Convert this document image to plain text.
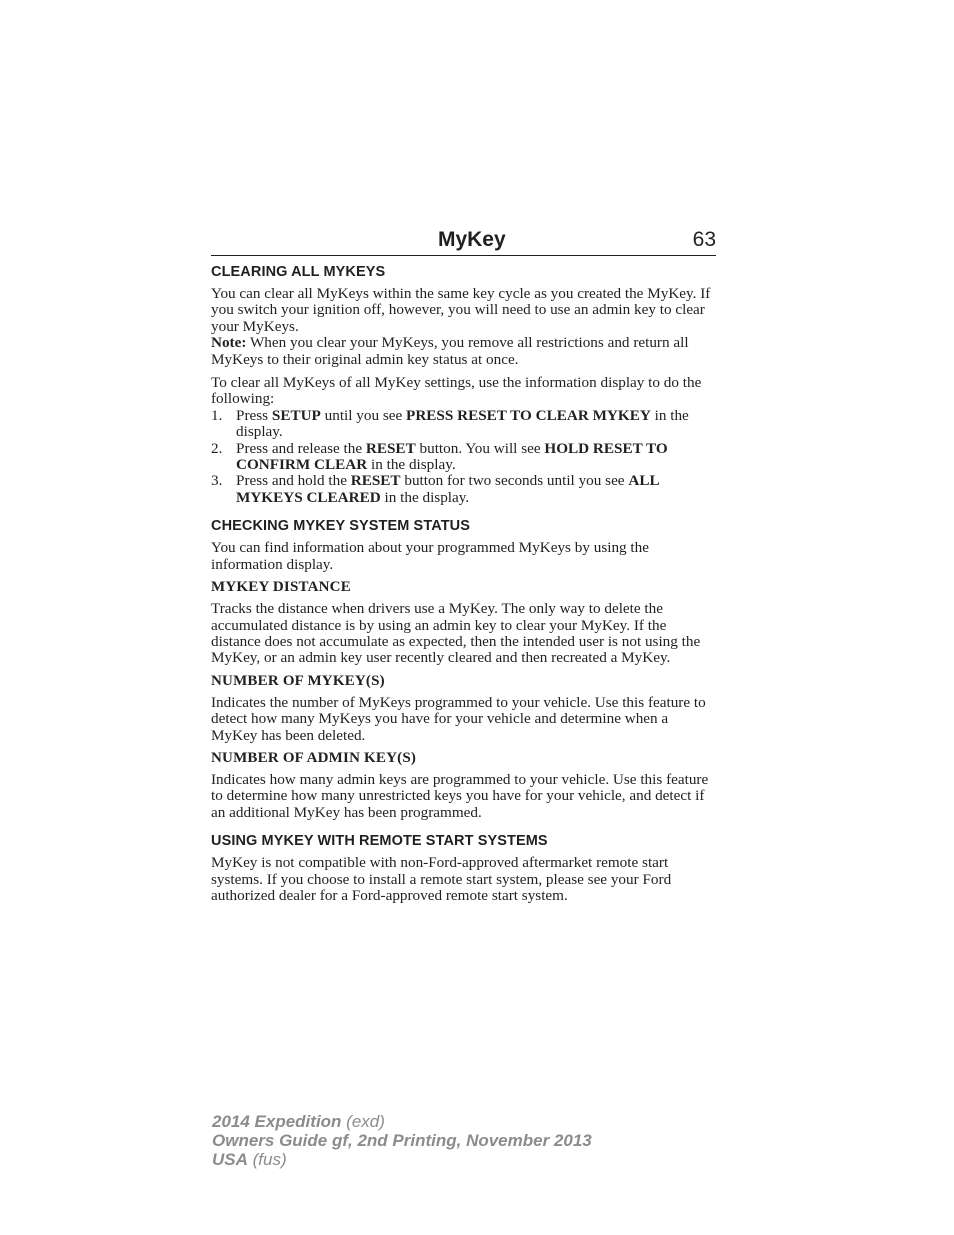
MyKey	63
CLEARING ALL MYKEYS

You can clear all MyKeys within the same key cycle as you created the MyKey. If you switch your ignition off, however, you will need to use an admin key to clear your MyKeys.

Note: When you clear your MyKeys, you remove all restrictions and return all MyKeys to their original admin key status at once.

To clear all MyKeys of all MyKey settings, use the information display to do the following:

1. Press SETUP until you see PRESS RESET TO CLEAR MYKEY in the display.
2. Press and release the RESET button. You will see HOLD RESET TO CONFIRM CLEAR in the display.
3. Press and hold the RESET button for two seconds until you see ALL MYKEYS CLEARED in the display.
CHECKING MYKEY SYSTEM STATUS

You can find information about your programmed MyKeys by using the information display.

MYKEY DISTANCE

Tracks the distance when drivers use a MyKey. The only way to delete the accumulated distance is by using an admin key to clear your MyKey. If the distance does not accumulate as expected, then the intended user is not using the MyKey, or an admin key user recently cleared and then recreated a MyKey.

NUMBER OF MYKEY(S)

Indicates the number of MyKeys programmed to your vehicle. Use this feature to detect how many MyKeys you have for your vehicle and determine when a MyKey has been deleted.

NUMBER OF ADMIN KEY(S)

Indicates how many admin keys are programmed to your vehicle. Use this feature to determine how many unrestricted keys you have for your vehicle, and detect if an additional MyKey has been programmed.

USING MYKEY WITH REMOTE START SYSTEMS

MyKey is not compatible with non-Ford-approved aftermarket remote start systems. If you choose to install a remote start system, please see your Ford authorized dealer for a Ford-approved remote start system.

2014 Expedition (exd)
Owners Guide gf, 2nd Printing, November 2013
USA (fus)
